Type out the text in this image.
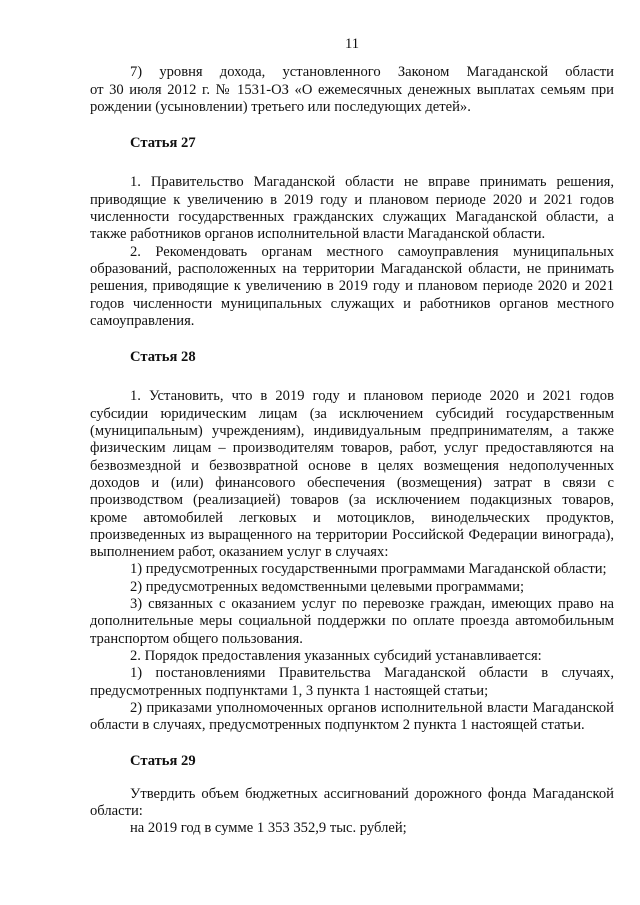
11

7) уровня дохода, установленного Законом Магаданской области

от 30 июля 2012 г. № 1531-ОЗ «О ежемесячных денежных выплатах семьям при рождении (усыновлении) третьего или последующих детей».

Статья 27

1. Правительство Магаданской области не вправе принимать решения, приводящие к увеличению в 2019 году и плановом периоде 2020 и 2021 годов численности государственных гражданских служащих Магаданской области, а также работников органов исполнительной власти Магаданской области.

2. Рекомендовать органам местного самоуправления муниципальных образований, расположенных на территории Магаданской области, не принимать решения, приводящие к увеличению в 2019 году и плановом периоде 2020 и 2021 годов численности муниципальных служащих и работников органов местного самоуправления.

Статья 28

1. Установить, что в 2019 году и плановом периоде 2020 и 2021 годов субсидии юридическим лицам (за исключением субсидий государственным (муниципальным) учреждениям), индивидуальным предпринимателям, а также физическим лицам – производителям товаров, работ, услуг предоставляются на безвозмездной и безвозвратной основе в целях возмещения недополученных доходов и (или) финансового обеспечения (возмещения) затрат в связи с производством (реализацией) товаров (за исключением подакцизных товаров, кроме автомобилей легковых и мотоциклов, винодельческих продуктов, произведенных из выращенного на территории Российской Федерации винограда), выполнением работ, оказанием услуг в случаях:

1) предусмотренных государственными программами Магаданской области;

2) предусмотренных ведомственными целевыми программами;

3) связанных с оказанием услуг по перевозке граждан, имеющих право на дополнительные меры социальной поддержки по оплате проезда автомобильным транспортом общего пользования.

2. Порядок предоставления указанных субсидий устанавливается:

1) постановлениями Правительства Магаданской области в случаях, предусмотренных подпунктами 1, 3 пункта 1 настоящей статьи;

2) приказами уполномоченных органов исполнительной власти Магаданской области в случаях, предусмотренных подпунктом 2 пункта 1 настоящей статьи.

Статья 29

Утвердить объем бюджетных ассигнований дорожного фонда Магаданской области:

на 2019 год в сумме 1 353 352,9 тыс. рублей;
